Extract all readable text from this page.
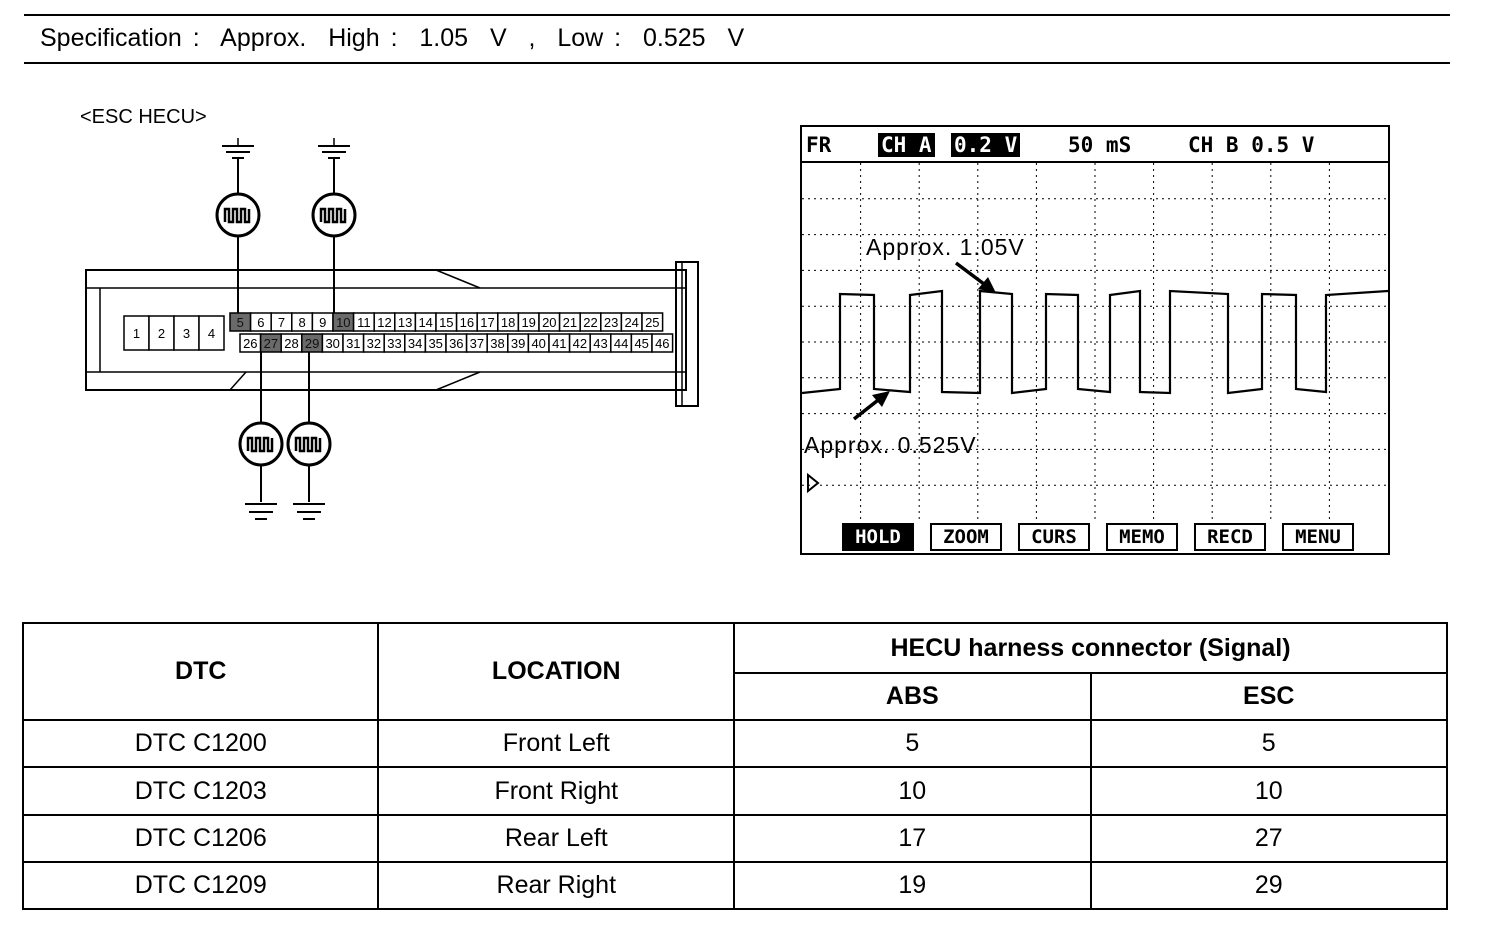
Specification :  Approx.  High :  1.05  V  ,  Low :  0.525  V
<ESC HECU>
1 2 3 4
5 6 7 8 9 10 11 12 13 14 15 16 17 18 19 20 21 22 23 24 25
26 27 28 29 30 31 32 33 34 35 36 37 38 39 40 41 42 43 44 45 46
FR CH A 0.2 V 50 mS	CH B 0.5 V
Approx. 1.05V
Approx. 0.525V
HOLD	ZOOM	CURS	MEMO	RECD	MENU
DTC	LOCATION	HECU harness connector (Signal)	
		ABS	ESC
DTC C1200	Front Left	5	5
DTC C1203	Front Right	10	10
DTC C1206	Rear Left	17	27
DTC C1209	Rear Right	19	29
